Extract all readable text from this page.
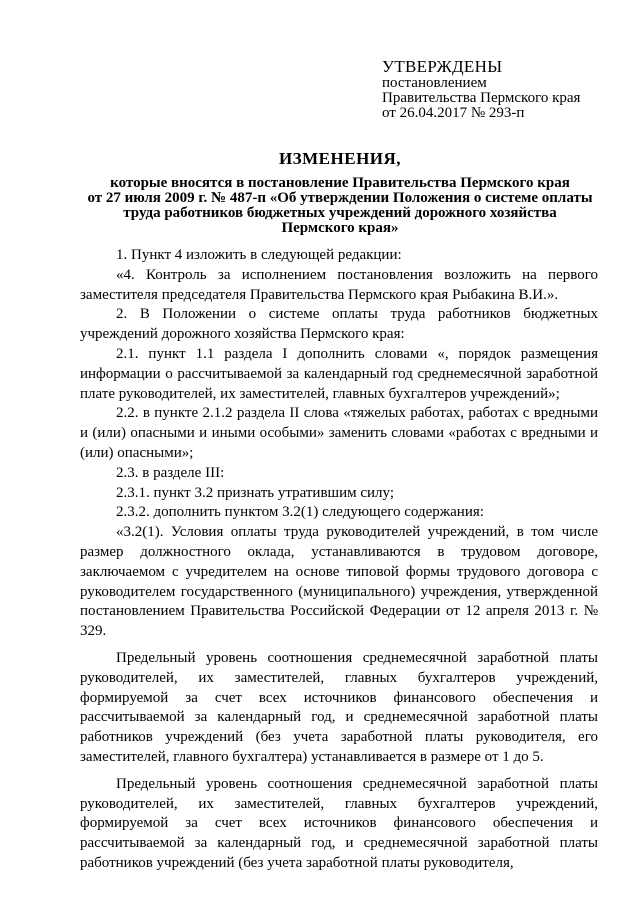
УТВЕРЖДЕНЫ
постановлением
Правительства Пермского края
от 26.04.2017 № 293-п
ИЗМЕНЕНИЯ,
которые вносятся в постановление Правительства Пермского края
от 27 июля 2009 г. № 487-п «Об утверждении Положения о системе оплаты
труда работников бюджетных учреждений дорожного хозяйства
Пермского края»

1. Пункт 4 изложить в следующей редакции:

«4. Контроль за исполнением постановления возложить на первого заместителя председателя Правительства Пермского края Рыбакина В.И.».

2. В Положении о системе оплаты труда работников бюджетных учреждений дорожного хозяйства Пермского края:

2.1. пункт 1.1 раздела I дополнить словами «, порядок размещения информации о рассчитываемой за календарный год среднемесячной заработной плате руководителей, их заместителей, главных бухгалтеров учреждений»;

2.2. в пункте 2.1.2 раздела II слова «тяжелых работах, работах с вредными и (или) опасными и иными особыми» заменить словами «работах с вредными и (или) опасными»;

2.3. в разделе III:

2.3.1. пункт 3.2 признать утратившим силу;

2.3.2. дополнить пунктом 3.2(1) следующего содержания:

«3.2(1). Условия оплаты труда руководителей учреждений, в том числе размер должностного оклада, устанавливаются в трудовом договоре, заключаемом с учредителем на основе типовой формы трудового договора с руководителем государственного (муниципального) учреждения, утвержденной постановлением Правительства Российской Федерации от 12 апреля 2013 г. № 329.

Предельный уровень соотношения среднемесячной заработной платы руководителей, их заместителей, главных бухгалтеров учреждений, формируемой за счет всех источников финансового обеспечения и рассчитываемой за календарный год, и среднемесячной заработной платы работников учреждений (без учета заработной платы руководителя, его заместителей, главного бухгалтера) устанавливается в размере от 1 до 5.

Предельный уровень соотношения среднемесячной заработной платы руководителей, их заместителей, главных бухгалтеров учреждений, формируемой за счет всех источников финансового обеспечения и рассчитываемой за календарный год, и среднемесячной заработной платы работников учреждений (без учета заработной платы руководителя,
